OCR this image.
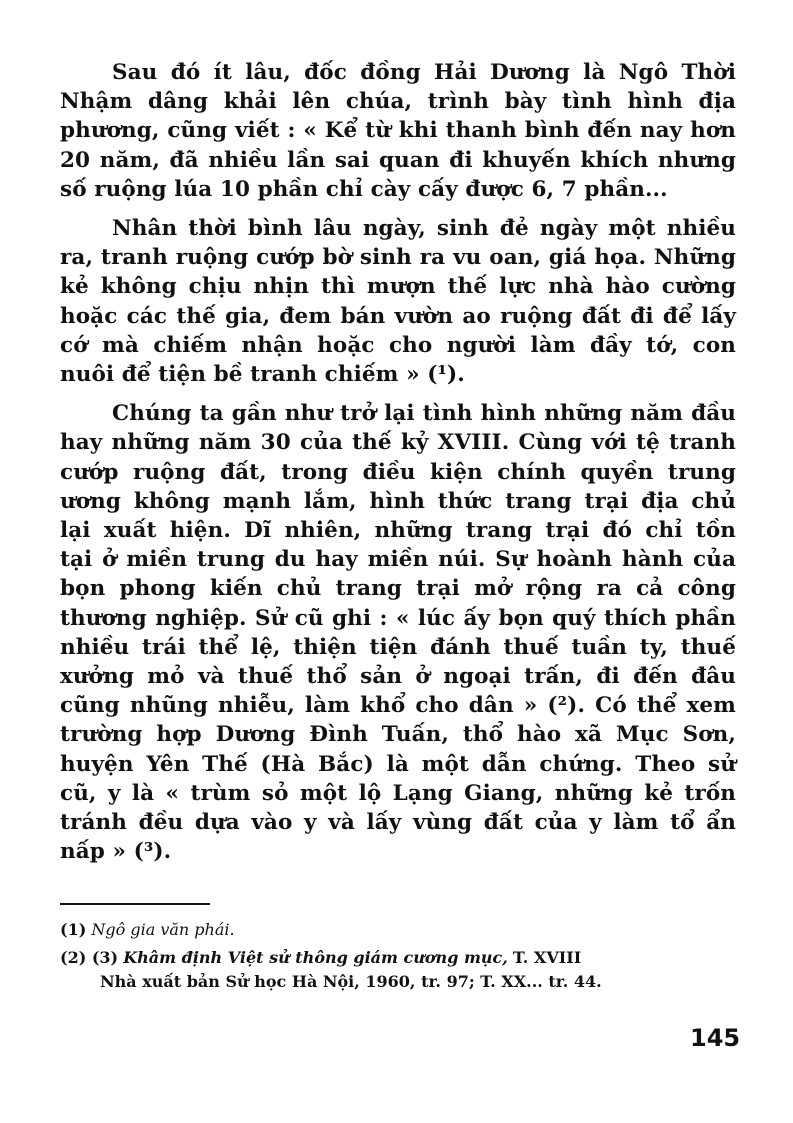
Sau đó ít lâu, đốc đồng Hải Dương là Ngô Thời
Nhậm dâng khải lên chúa, trình bày tình hình địa
phương, cũng viết : « Kể từ khi thanh bình đến nay hơn
20 năm, đã nhiều lần sai quan đi khuyến khích nhưng
số ruộng lúa 10 phần chỉ cày cấy được 6, 7 phần...

Nhân thời bình lâu ngày, sinh đẻ ngày một nhiều
ra, tranh ruộng cướp bờ sinh ra vu oan, giá họa. Những
kẻ không chịu nhịn thì mượn thế lực nhà hào cường
hoặc các thế gia, đem bán vườn ao ruộng đất đi để lấy
cớ mà chiếm nhận hoặc cho người làm đầy tớ, con
nuôi để tiện bề tranh chiếm » (¹).

Chúng ta gần như trở lại tình hình những năm đầu
hay những năm 30 của thế kỷ XVIII. Cùng với tệ tranh
cướp ruộng đất, trong điều kiện chính quyền trung
ương không mạnh lắm, hình thức trang trại địa chủ
lại xuất hiện. Dĩ nhiên, những trang trại đó chỉ tồn
tại ở miền trung du hay miền núi. Sự hoành hành của
bọn phong kiến chủ trang trại mở rộng ra cả công
thương nghiệp. Sử cũ ghi : « lúc ấy bọn quý thích phần
nhiều trái thể lệ, thiện tiện đánh thuế tuần ty, thuế
xưởng mỏ và thuế thổ sản ở ngoại trấn, đi đến đâu
cũng nhũng nhiễu, làm khổ cho dân » (²). Có thể xem
trường hợp Dương Đình Tuấn, thổ hào xã Mục Sơn,
huyện Yên Thế (Hà Bắc) là một dẫn chứng. Theo sử
cũ, y là « trùm sỏ một lộ Lạng Giang, những kẻ trốn
tránh đều dựa vào y và lấy vùng đất của y làm tổ ẩn
nấp » (³).

(1) Ngô gia văn phái.
(2) (3) Khâm định Việt sử thông giám cương mục, T. XVIII
Nhà xuất bản Sử học Hà Nội, 1960, tr. 97; T. XX... tr. 44.
145
